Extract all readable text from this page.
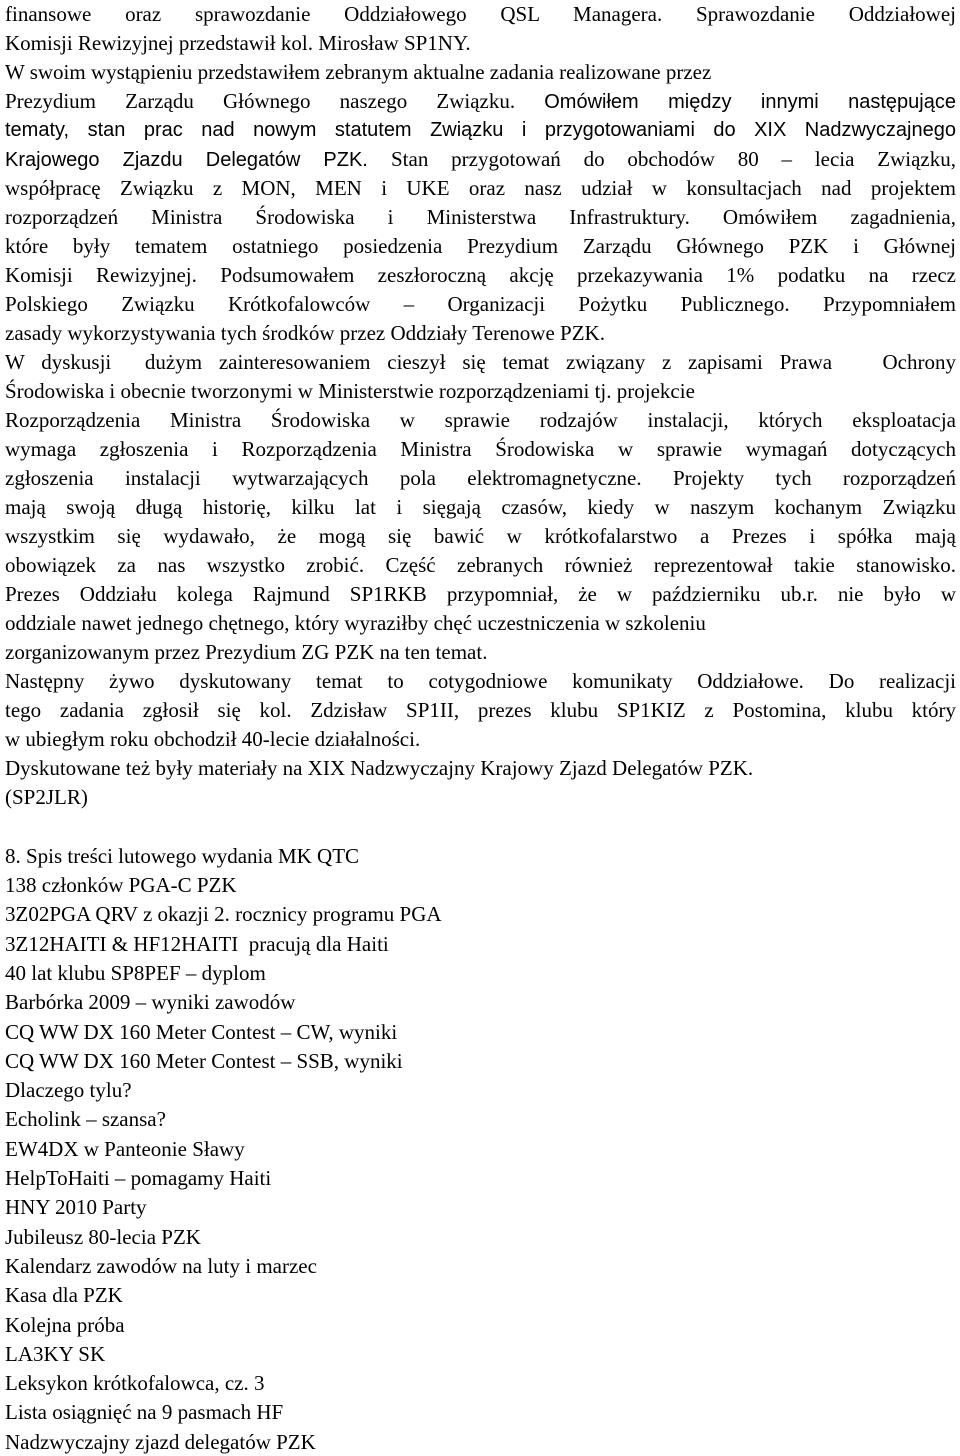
finansowe oraz sprawozdanie Oddziałowego QSL Managera. Sprawozdanie Oddziałowej
Komisji Rewizyjnej przedstawił kol. Mirosław SP1NY.
W swoim wystąpieniu przedstawiłem zebranym aktualne zadania realizowane przez
Prezydium Zarządu Głównego naszego Związku. Omówiłem między innymi następujące
tematy, stan prac nad nowym statutem Związku i przygotowaniami do XIX Nadzwyczajnego
Krajowego Zjazdu Delegatów PZK. Stan przygotowań do obchodów 80 – lecia Związku,
współpracę Związku z MON, MEN i UKE oraz nasz udział w konsultacjach nad projektem
rozporządzeń Ministra Środowiska i Ministerstwa Infrastruktury. Omówiłem zagadnienia,
które były tematem ostatniego posiedzenia Prezydium Zarządu Głównego PZK i Głównej
Komisji Rewizyjnej. Podsumowałem zeszłoroczną akcję przekazywania 1% podatku na rzecz
Polskiego Związku Krótkofalowców – Organizacji Pożytku Publicznego. Przypomniałem
zasady wykorzystywania tych środków przez Oddziały Terenowe PZK.
W dyskusji  dużym zainteresowaniem cieszył się temat związany z zapisami Prawa   Ochrony
Środowiska i obecnie tworzonymi w Ministerstwie rozporządzeniami tj. projekcie
Rozporządzenia Ministra Środowiska w sprawie rodzajów instalacji, których eksploatacja
wymaga zgłoszenia i Rozporządzenia Ministra Środowiska w sprawie wymagań dotyczących
zgłoszenia instalacji wytwarzających pola elektromagnetyczne. Projekty tych rozporządzeń
mają swoją długą historię, kilku lat i sięgają czasów, kiedy w naszym kochanym Związku
wszystkim się wydawało, że mogą się bawić w krótkofalarstwo a Prezes i spółka mają
obowiązek za nas wszystko zrobić. Część zebranych również reprezentował takie stanowisko.
Prezes Oddziału kolega Rajmund SP1RKB przypomniał, że w październiku ub.r. nie było w
oddziale nawet jednego chętnego, który wyraziłby chęć uczestniczenia w szkoleniu
zorganizowanym przez Prezydium ZG PZK na ten temat.
Następny żywo dyskutowany temat to cotygodniowe komunikaty Oddziałowe. Do realizacji
tego zadania zgłosił się kol. Zdzisław SP1II, prezes klubu SP1KIZ z Postomina, klubu który
w ubiegłym roku obchodził 40-lecie działalności.
Dyskutowane też były materiały na XIX Nadzwyczajny Krajowy Zjazd Delegatów PZK.
(SP2JLR)
8. Spis treści lutowego wydania MK QTC
138 członków PGA-C PZK
3Z02PGA QRV z okazji 2. rocznicy programu PGA
3Z12HAITI & HF12HAITI  pracują dla Haiti
40 lat klubu SP8PEF – dyplom
Barbórka 2009 – wyniki zawodów
CQ WW DX 160 Meter Contest – CW, wyniki
CQ WW DX 160 Meter Contest – SSB, wyniki
Dlaczego tylu?
Echolink – szansa?
EW4DX w Panteonie Sławy
HelpToHaiti – pomagamy Haiti
HNY 2010 Party
Jubileusz 80-lecia PZK
Kalendarz zawodów na luty i marzec
Kasa dla PZK
Kolejna próba
LA3KY SK
Leksykon krótkofalowca, cz. 3
Lista osiągnięć na 9 pasmach HF
Nadzwyczajny zjazd delegatów PZK
